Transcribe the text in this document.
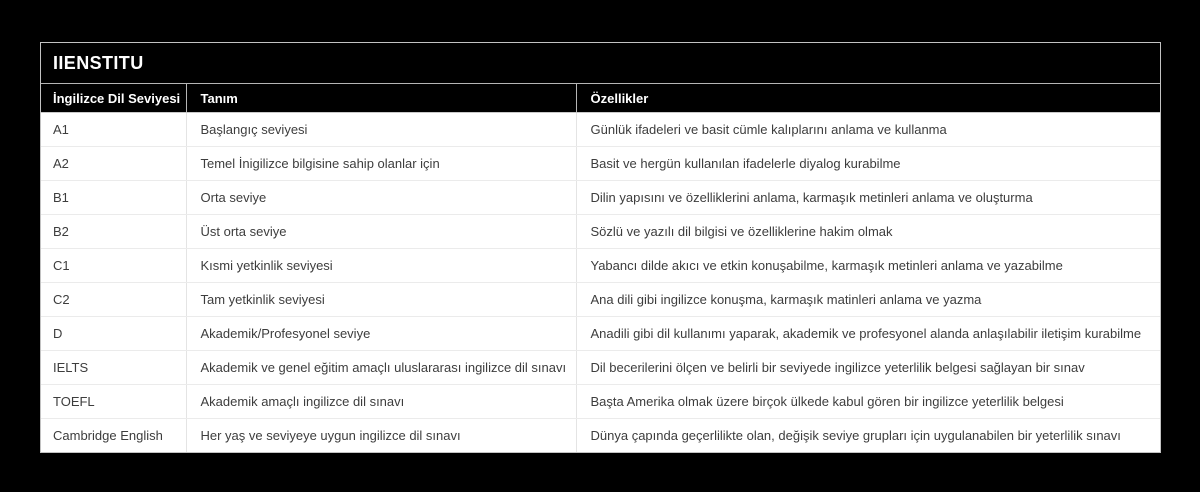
IIENSTITU
İngilizce Dil Seviyesi	Tanım	Özellikler
A1	Başlangıç seviyesi	Günlük ifadeleri ve basit cümle kalıplarını anlama ve kullanma
A2	Temel İnigilizce bilgisine sahip olanlar için	Basit ve hergün kullanılan ifadelerle diyalog kurabilme
B1	Orta seviye	Dilin yapısını ve özelliklerini anlama, karmaşık metinleri anlama ve oluşturma
B2	Üst orta seviye	Sözlü ve yazılı dil bilgisi ve özelliklerine hakim olmak
C1	Kısmi yetkinlik seviyesi	Yabancı dilde akıcı ve etkin konuşabilme, karmaşık metinleri anlama ve yazabilme
C2	Tam yetkinlik seviyesi	Ana dili gibi ingilizce konuşma, karmaşık matinleri anlama ve yazma
D	Akademik/Profesyonel seviye	Anadili gibi dil kullanımı yaparak, akademik ve profesyonel alanda anlaşılabilir iletişim kurabilme
IELTS	Akademik ve genel eğitim amaçlı uluslararası ingilizce dil sınavı	Dil becerilerini ölçen ve belirli bir seviyede ingilizce yeterlilik belgesi sağlayan bir sınav
TOEFL	Akademik amaçlı ingilizce dil sınavı	Başta Amerika olmak üzere birçok ülkede kabul gören bir ingilizce yeterlilik belgesi
Cambridge English	Her yaş ve seviyeye uygun ingilizce dil sınavı	Dünya çapında geçerlilikte olan, değişik seviye grupları için uygulanabilen bir yeterlilik sınavı
